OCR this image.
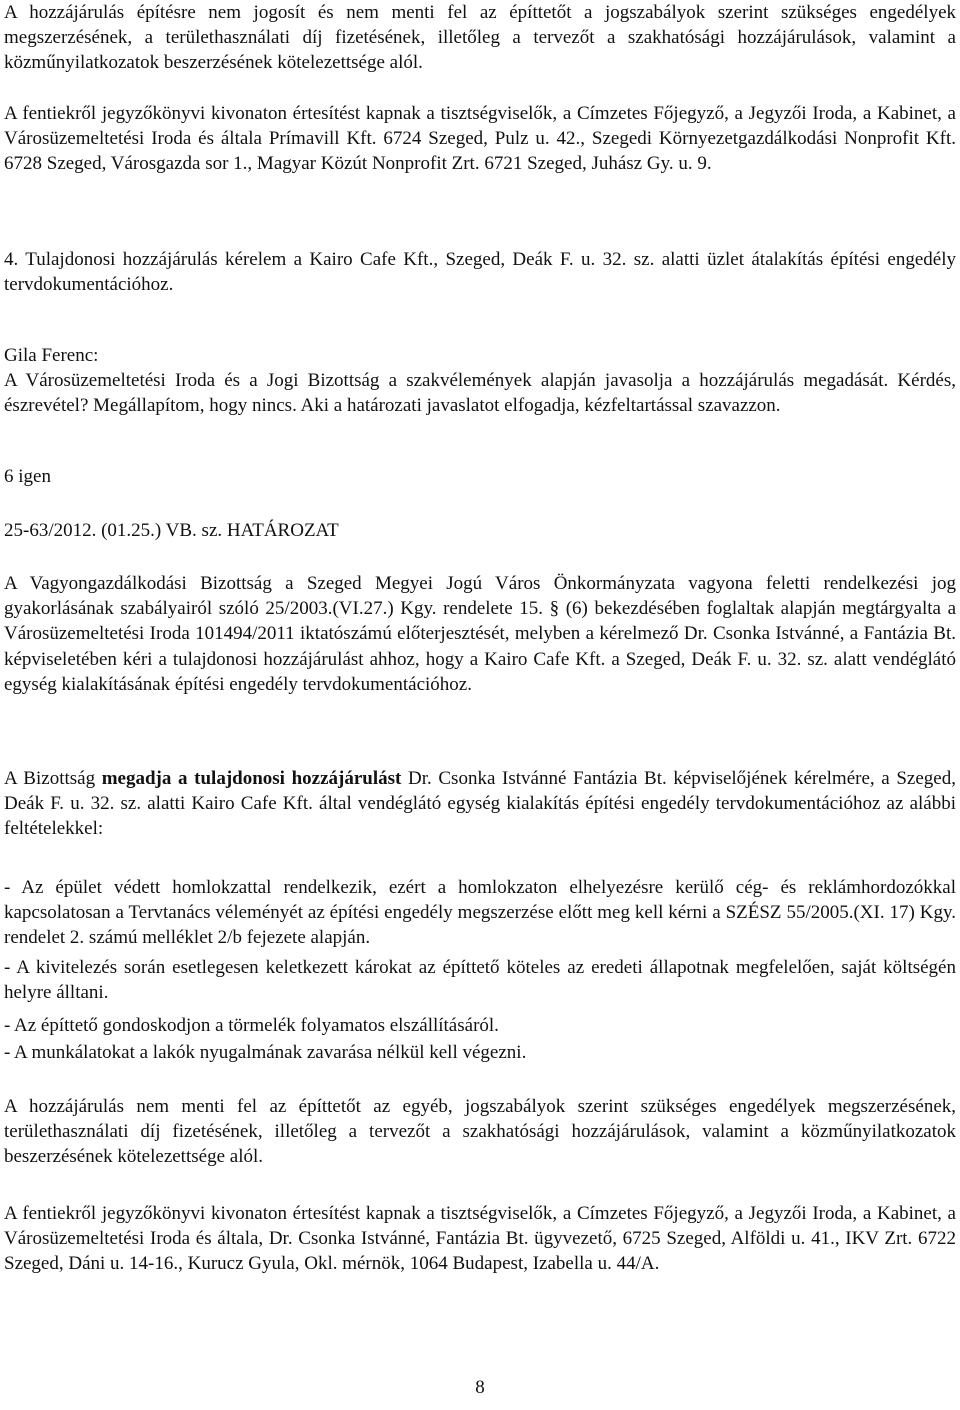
A hozzájárulás építésre nem jogosít és nem menti fel az építtetőt a jogszabályok szerint szükséges engedélyek megszerzésének, a területhasználati díj fizetésének, illetőleg a tervezőt a szakhatósági hozzájárulások, valamint a közműnyilatkozatok beszerzésének kötelezettsége alól.

A fentiekről jegyzőkönyvi kivonaton értesítést kapnak a tisztségviselők, a Címzetes Főjegyző, a Jegyzői Iroda, a Kabinet, a Városüzemeltetési Iroda és általa Prímavill Kft. 6724 Szeged, Pulz u. 42., Szegedi Környezetgazdálkodási Nonprofit Kft. 6728 Szeged, Városgazda sor 1., Magyar Közút Nonprofit Zrt. 6721 Szeged, Juhász Gy. u. 9.

4. Tulajdonosi hozzájárulás kérelem a Kairo Cafe Kft., Szeged, Deák F. u. 32. sz. alatti üzlet átalakítás építési engedély tervdokumentációhoz.

Gila Ferenc:

A Városüzemeltetési Iroda és a Jogi Bizottság a szakvélemények alapján javasolja a hozzájárulás megadását. Kérdés, észrevétel? Megállapítom, hogy nincs. Aki a határozati javaslatot elfogadja, kézfeltartással szavazzon.

6 igen

25-63/2012. (01.25.) VB. sz. HATÁROZAT

A Vagyongazdálkodási Bizottság a Szeged Megyei Jogú Város Önkormányzata vagyona feletti rendelkezési jog gyakorlásának szabályairól szóló 25/2003.(VI.27.) Kgy. rendelete 15. § (6) bekezdésében foglaltak alapján megtárgyalta a Városüzemeltetési Iroda 101494/2011 iktatószámú előterjesztését, melyben a kérelmező Dr. Csonka Istvánné, a Fantázia Bt. képviseletében kéri a tulajdonosi hozzájárulást ahhoz, hogy a Kairo Cafe Kft. a Szeged, Deák F. u. 32. sz. alatt vendéglátó egység kialakításának építési engedély tervdokumentációhoz.

A Bizottság megadja a tulajdonosi hozzájárulást Dr. Csonka Istvánné Fantázia Bt. képviselőjének kérelmére, a Szeged, Deák F. u. 32. sz. alatti Kairo Cafe Kft. által vendéglátó egység kialakítás építési engedély tervdokumentációhoz az alábbi feltételekkel:

- Az épület védett homlokzattal rendelkezik, ezért a homlokzaton elhelyezésre kerülő cég- és reklámhordozókkal kapcsolatosan a Tervtanács véleményét az építési engedély megszerzése előtt meg kell kérni a SZÉSZ 55/2005.(XI. 17) Kgy. rendelet 2. számú melléklet 2/b fejezete alapján.

- A kivitelezés során esetlegesen keletkezett károkat az építtető köteles az eredeti állapotnak megfelelően, saját költségén helyre álltani.

- Az építtető gondoskodjon a törmelék folyamatos elszállításáról.

- A munkálatokat a lakók nyugalmának zavarása nélkül kell végezni.

A hozzájárulás nem menti fel az építtetőt az egyéb, jogszabályok szerint szükséges engedélyek megszerzésének, területhasználati díj fizetésének, illetőleg a tervezőt a szakhatósági hozzájárulások, valamint a közműnyilatkozatok beszerzésének kötelezettsége alól.

A fentiekről jegyzőkönyvi kivonaton értesítést kapnak a tisztségviselők, a Címzetes Főjegyző, a Jegyzői Iroda, a Kabinet, a Városüzemeltetési Iroda és általa, Dr. Csonka Istvánné, Fantázia Bt. ügyvezető, 6725 Szeged, Alföldi u. 41., IKV Zrt. 6722 Szeged, Dáni u. 14-16., Kurucz Gyula, Okl. mérnök, 1064 Budapest, Izabella u. 44/A.

8
